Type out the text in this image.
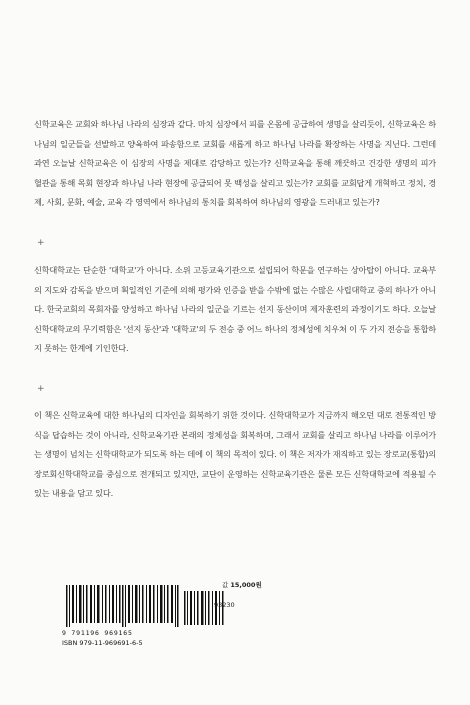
신학교육은 교회와 하나님 나라의 심장과 같다. 마치 심장에서 피를 온몸에 공급하여 생명을 살리듯이, 신학교육은 하나님의 일군들을 선발하고 양육하여 파송함으로 교회를 새롭게 하고 하나님 나라를 확장하는 사명을 지닌다. 그런데 과연 오늘날 신학교육은 이 심장의 사명을 제대로 감당하고 있는가? 신학교육을 통해 깨끗하고 건강한 생명의 피가 혈관을 통해 목회 현장과 하나님 나라 현장에 공급되어 못 백성을 살리고 있는가? 교회를 교회답게 개혁하고 정치, 경제, 사회, 문화, 예술, 교육 각 영역에서 하나님의 통치를 회복하여 하나님의 영광을 드러내고 있는가?

+

신학대학교는 단순한 '대학교'가 아니다. 소위 고등교육기관으로 설립되어 학문을 연구하는 상아탑이 아니다. 교육부의 지도와 감독을 받으며 획일적인 기준에 의해 평가와 인증을 받을 수밖에 없는 수많은 사립대학교 중의 하나가 아니다. 한국교회의 목회자를 양성하고 하나님 나라의 일군을 기르는 선지 동산이며 제자훈련의 과정이기도 하다. 오늘날 신학대학교의 무기력함은 '선지 동산'과 '대학교'의 두 전승 중 어느 하나의 정체성에 치우쳐 이 두 가지 전승을 통합하지 못하는 한계에 기인한다.

+

이 책은 신학교육에 대한 하나님의 디자인을 회복하기 위한 것이다. 신학대학교가 지금까지 해오던 대로 전통적인 방식을 답습하는 것이 아니라, 신학교육기관 본래의 정체성을 회복하며, 그래서 교회를 살리고 하나님 나라를 이루어가는 생명이 넘치는 신학대학교가 되도록 하는 데에 이 책의 목적이 있다. 이 책은 저자가 재직하고 있는 장로교(통합)의 장로회신학대학교를 중심으로 전개되고 있지만, 교단이 운영하는 신학교육기관은 물론 모든 신학대학교에 적용될 수 있는 내용을 담고 있다.

값 15,000원
93230
9 791196 969165
ISBN 979-11-969691-6-5
